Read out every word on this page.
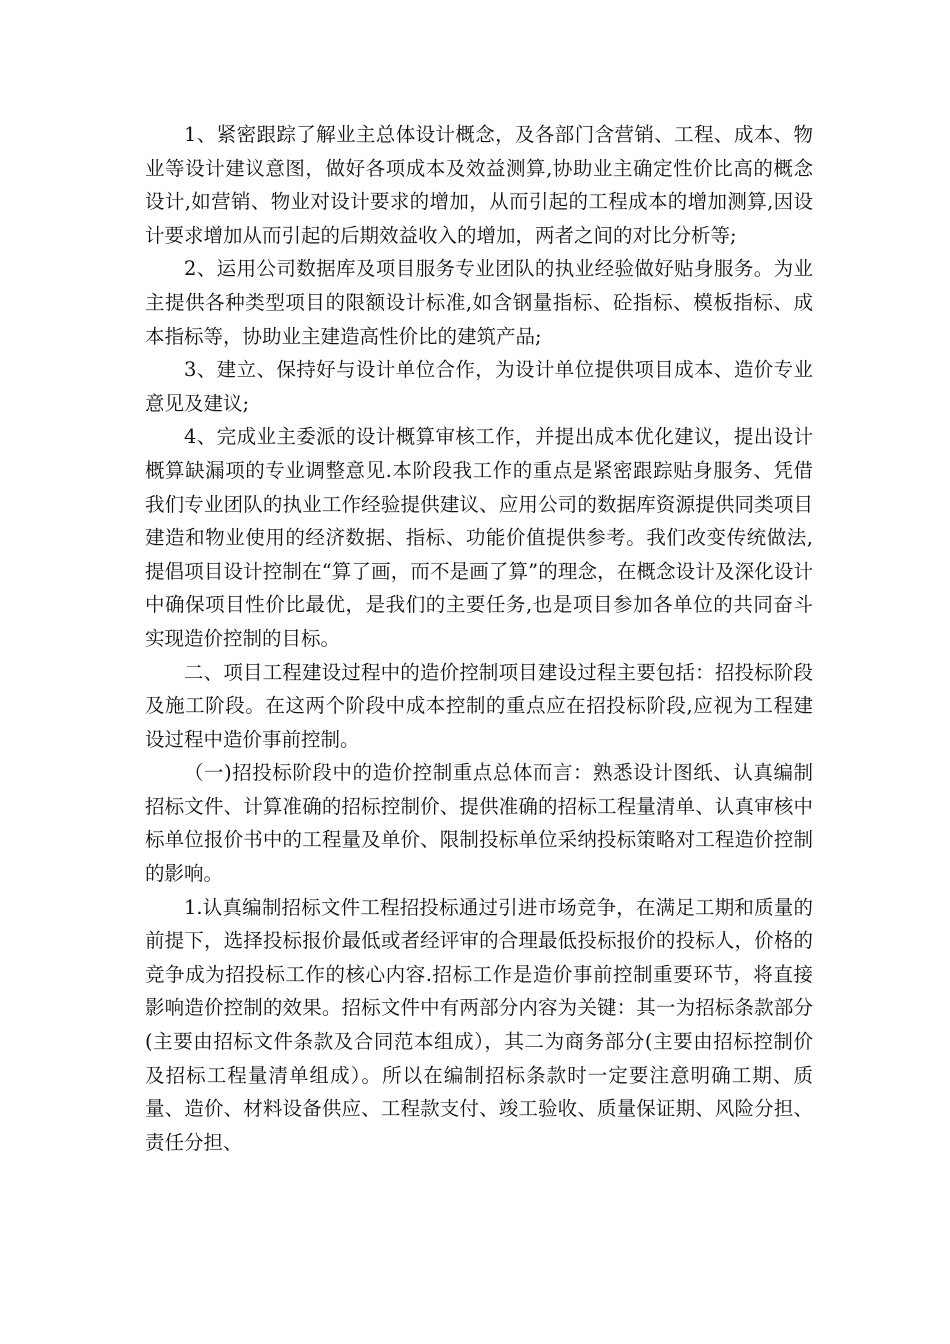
1、紧密跟踪了解业主总体设计概念，及各部门含营销、工程、成本、物业等设计建议意图，做好各项成本及效益测算,协助业主确定性价比高的概念设计,如营销、物业对设计要求的增加，从而引起的工程成本的增加测算,因设计要求增加从而引起的后期效益收入的增加，两者之间的对比分析等;

2、运用公司数据库及项目服务专业团队的执业经验做好贴身服务。为业主提供各种类型项目的限额设计标准,如含钢量指标、砼指标、模板指标、成本指标等，协助业主建造高性价比的建筑产品;

3、建立、保持好与设计单位合作，为设计单位提供项目成本、造价专业意见及建议;

4、完成业主委派的设计概算审核工作，并提出成本优化建议，提出设计概算缺漏项的专业调整意见.本阶段我工作的重点是紧密跟踪贴身服务、凭借我们专业团队的执业工作经验提供建议、应用公司的数据库资源提供同类项目建造和物业使用的经济数据、指标、功能价值提供参考。我们改变传统做法,提倡项目设计控制在“算了画，而不是画了算”的理念，在概念设计及深化设计中确保项目性价比最优，是我们的主要任务,也是项目参加各单位的共同奋斗实现造价控制的目标。

二、项目工程建设过程中的造价控制项目建设过程主要包括：招投标阶段及施工阶段。在这两个阶段中成本控制的重点应在招投标阶段,应视为工程建设过程中造价事前控制。

（一)招投标阶段中的造价控制重点总体而言：熟悉设计图纸、认真编制招标文件、计算准确的招标控制价、提供准确的招标工程量清单、认真审核中标单位报价书中的工程量及单价、限制投标单位采纳投标策略对工程造价控制的影响。

1.认真编制招标文件工程招投标通过引进市场竞争，在满足工期和质量的前提下，选择投标报价最低或者经评审的合理最低投标报价的投标人，价格的竞争成为招投标工作的核心内容.招标工作是造价事前控制重要环节，将直接影响造价控制的效果。招标文件中有两部分内容为关键：其一为招标条款部分(主要由招标文件条款及合同范本组成），其二为商务部分(主要由招标控制价及招标工程量清单组成）。所以在编制招标条款时一定要注意明确工期、质量、造价、材料设备供应、工程款支付、竣工验收、质量保证期、风险分担、责任分担、
